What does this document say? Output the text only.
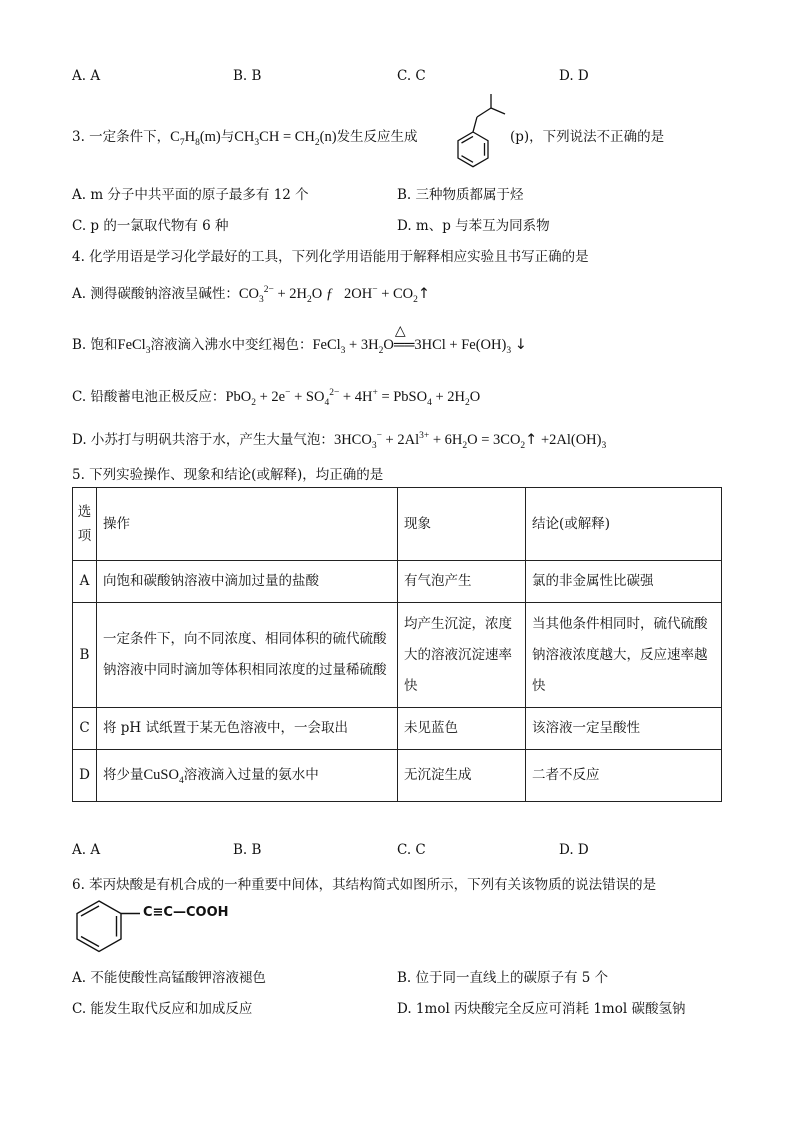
A. A	B. B	C. C	D. D
3. 一定条件下，$C_7H_8(m)$与$CH_3CH = CH_2(n)$发生反应生成	(p)，下列说法不正确的是
A. m 分子中共平面的原子最多有 12 个	B. 三种物质都属于烃
C. p 的一氯取代物有 6 种	D. m、p 与苯互为同系物
4. 化学用语是学习化学最好的工具，下列化学用语能用于解释相应实验且书写正确的是
A. 测得碳酸钠溶液呈碱性：$CO_3^{2-} + 2H_2O$ ƒ   $2OH^- + CO_2↑$
B. 饱和FeCl$_3$溶液滴入沸水中变红褐色：FeCl$_3$ + $3H_2O$
△
══3HCl + $Fe(OH)_3$ ↓
C. 铅酸蓄电池正极反应：$PbO_2 + 2e^- + SO_4^{2-} + 4H^+$ = PbSO$_4$ + $2H_2O$
D. 小苏打与明矾共溶于水，产生大量气泡：$3HCO_3^- + 2Al^{3+} + 6H_2O$ = $3CO_2↑ +2Al(OH)_3$
5. 下列实验操作、现象和结论(或解释)，均正确的是
选项	操作	现象	结论(或解释)
A	向饱和碳酸钠溶液中滴加过量的盐酸	有气泡产生	氯的非金属性比碳强
B	一定条件下，向不同浓度、相同体积的硫代硫酸钠溶液中同时滴加等体积相同浓度的过量稀硫酸	均产生沉淀，浓度大的溶液沉淀速率快	当其他条件相同时，硫代硫酸钠溶液浓度越大，反应速率越快
C	将 pH 试纸置于某无色溶液中，一会取出	未见蓝色	该溶液一定呈酸性
D	将少量CuSO$_4$溶液滴入过量的氨水中	无沉淀生成	二者不反应
A. A	B. B	C. C	D. D
6. 苯丙炔酸是有机合成的一种重要中间体，其结构简式如图所示，下列有关该物质的说法错误的是
C≡C—COOH
A. 不能使酸性高锰酸钾溶液褪色	B. 位于同一直线上的碳原子有 5 个
C. 能发生取代反应和加成反应	D. 1mol 丙炔酸完全反应可消耗 1mol 碳酸氢钠
